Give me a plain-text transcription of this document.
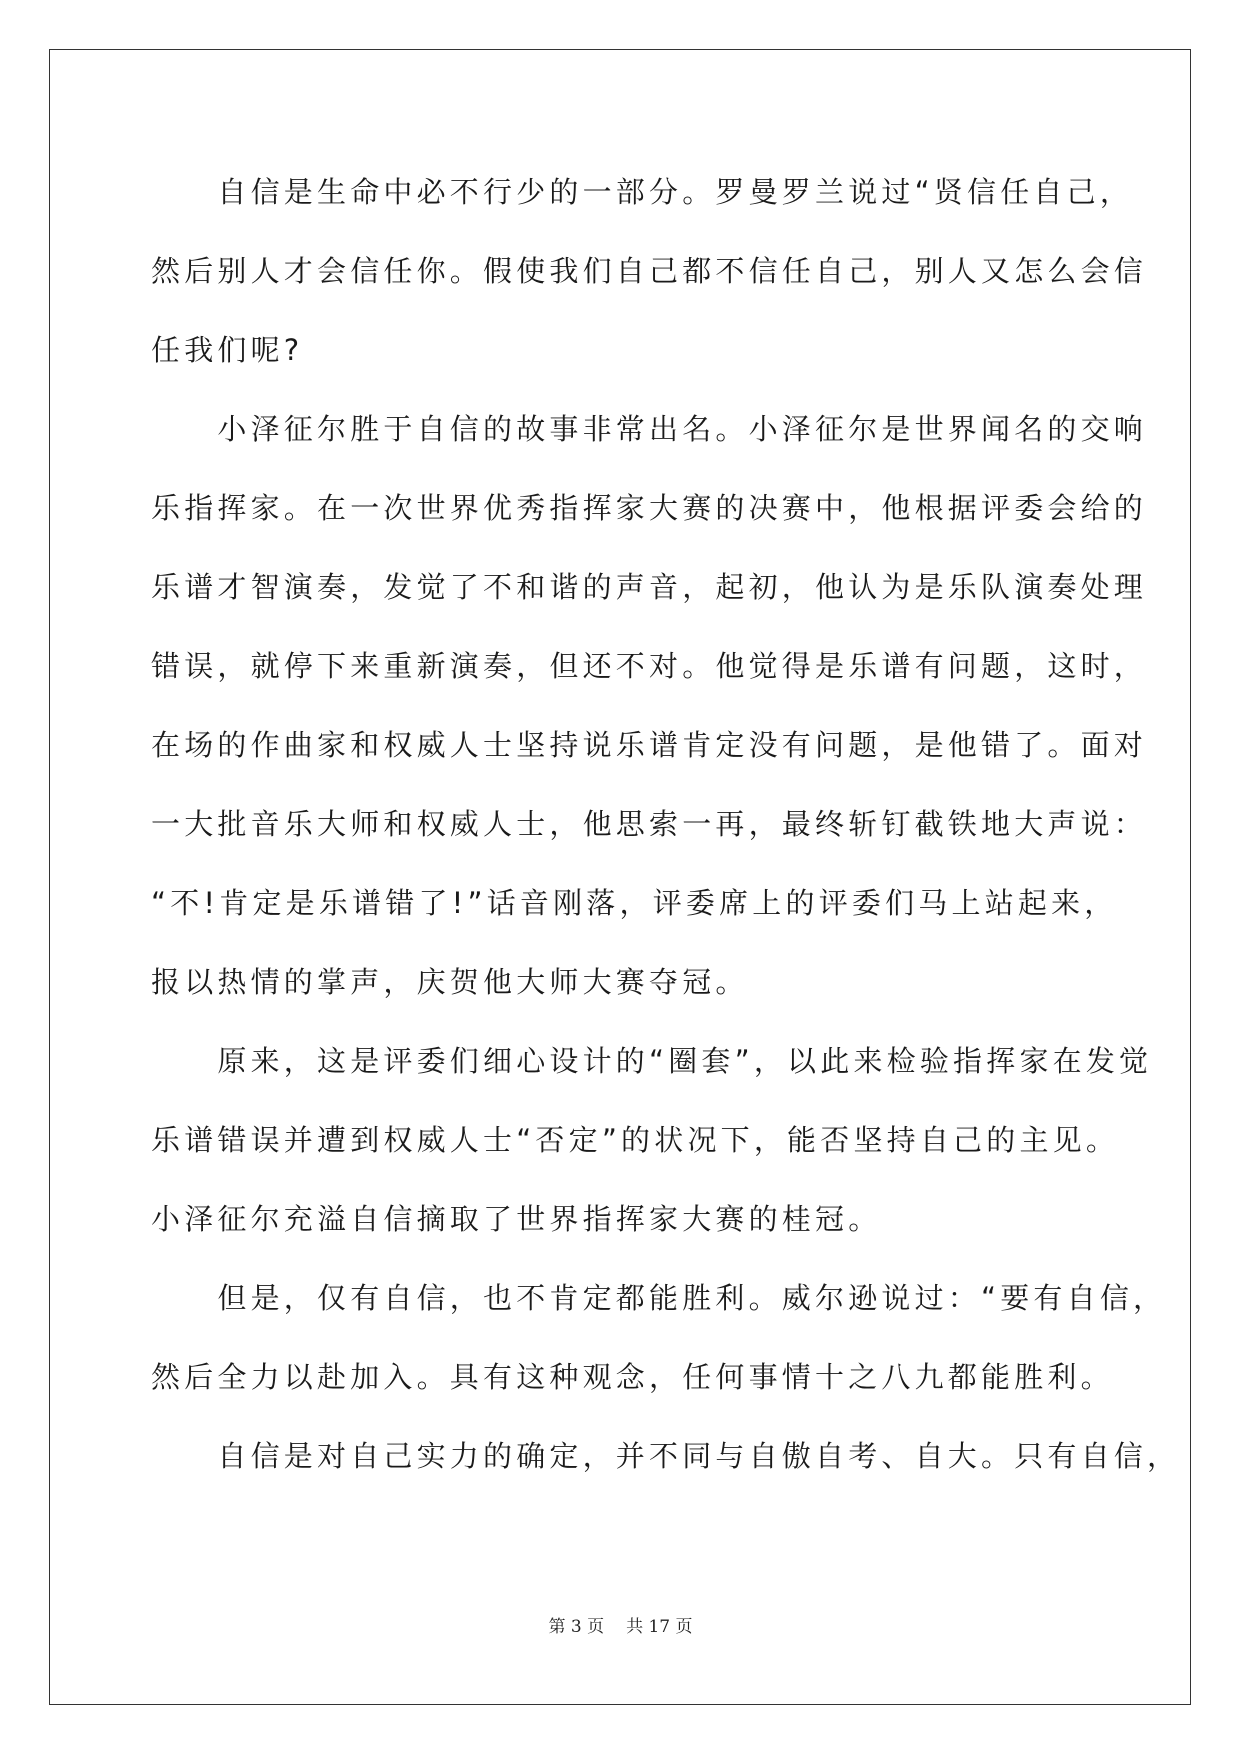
　　自信是生命中必不行少的一部分。罗曼罗兰说过“贤信任自己，
然后别人才会信任你。假使我们自己都不信任自己，别人又怎么会信
任我们呢?
　　小泽征尔胜于自信的故事非常出名。小泽征尔是世界闻名的交响
乐指挥家。在一次世界优秀指挥家大赛的决赛中，他根据评委会给的
乐谱才智演奏，发觉了不和谐的声音，起初，他认为是乐队演奏处理
错误，就停下来重新演奏，但还不对。他觉得是乐谱有问题，这时，
在场的作曲家和权威人士坚持说乐谱肯定没有问题，是他错了。面对
一大批音乐大师和权威人士，他思索一再，最终斩钉截铁地大声说：
“不!肯定是乐谱错了!”话音刚落，评委席上的评委们马上站起来，
报以热情的掌声，庆贺他大师大赛夺冠。
　　原来，这是评委们细心设计的“圈套”，以此来检验指挥家在发觉
乐谱错误并遭到权威人士“否定”的状况下，能否坚持自己的主见。
小泽征尔充溢自信摘取了世界指挥家大赛的桂冠。
　　但是，仅有自信，也不肯定都能胜利。威尔逊说过：“要有自信，
然后全力以赴加入。具有这种观念，任何事情十之八九都能胜利。
　　自信是对自己实力的确定，并不同与自傲自考、自大。只有自信，
第 3 页 共 17 页
